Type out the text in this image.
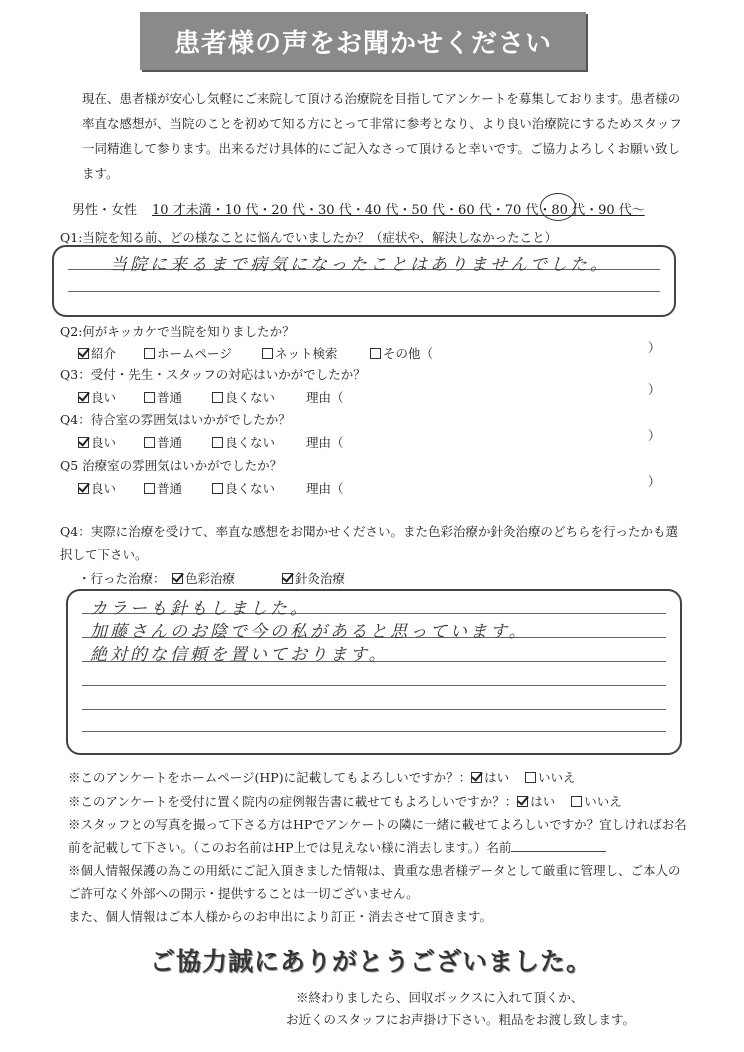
患者様の声をお聞かせください
現在、患者様が安心し気軽にご来院して頂ける治療院を目指してアンケートを募集しております。患者様の率直な感想が、当院のことを初めて知る方にとって非常に参考となり、より良い治療院にするためスタッフ一同精進して参ります。出来るだけ具体的にご記入なさって頂けると幸いです。ご協力よろしくお願い致します。
男性・女性 10 才未満・10 代・20 代・30 代・40 代・50 代・60 代・70 代・80 代・90 代～
Q1:当院を知る前、どの様なことに悩んでいましたか？（症状や、解決しなかったこと）
当院に来るまで病気になったことはありませんでした。
Q2:何がキッカケで当院を知りましたか？
紹介	ホームページ	ネット検索	その他（	）
Q3：受付・先生・スタッフの対応はいかがでしたか？
良い	普通	良くない 理由（
）
Q4：待合室の雰囲気はいかがでしたか？
良い	普通	良くない 理由（	）
Q5 治療室の雰囲気はいかがでしたか？
良い	普通	良くない 理由（	）
Q4：実際に治療を受けて、率直な感想をお聞かせください。また色彩治療か針灸治療のどちらを行ったかも選択して下さい。
・行った治療：	色彩治療	針灸治療
カラーも針もしました。
加藤さんのお陰で今の私があると思っています。
絶対的な信頼を置いております。
※このアンケートをホームページ(HP)に記載してもよろしいですか？： はい いいえ
※このアンケートを受付に置く院内の症例報告書に載せてもよろしいですか？： はい いいえ
※スタッフとの写真を撮って下さる方はHPでアンケートの隣に一緒に載せてよろしいですか？宜しければお名前を記載して下さい。（このお名前はHP上では見えない様に消去します。）名前
※個人情報保護の為この用紙にご記入頂きました情報は、貴重な患者様データとして厳重に管理し、ご本人のご許可なく外部への開示・提供することは一切ございません。
また、個人情報はご本人様からのお申出により訂正・消去させて頂きます。
ご協力誠にありがとうございました。
※終わりましたら、回収ボックスに入れて頂くか、
お近くのスタッフにお声掛け下さい。粗品をお渡し致します。
